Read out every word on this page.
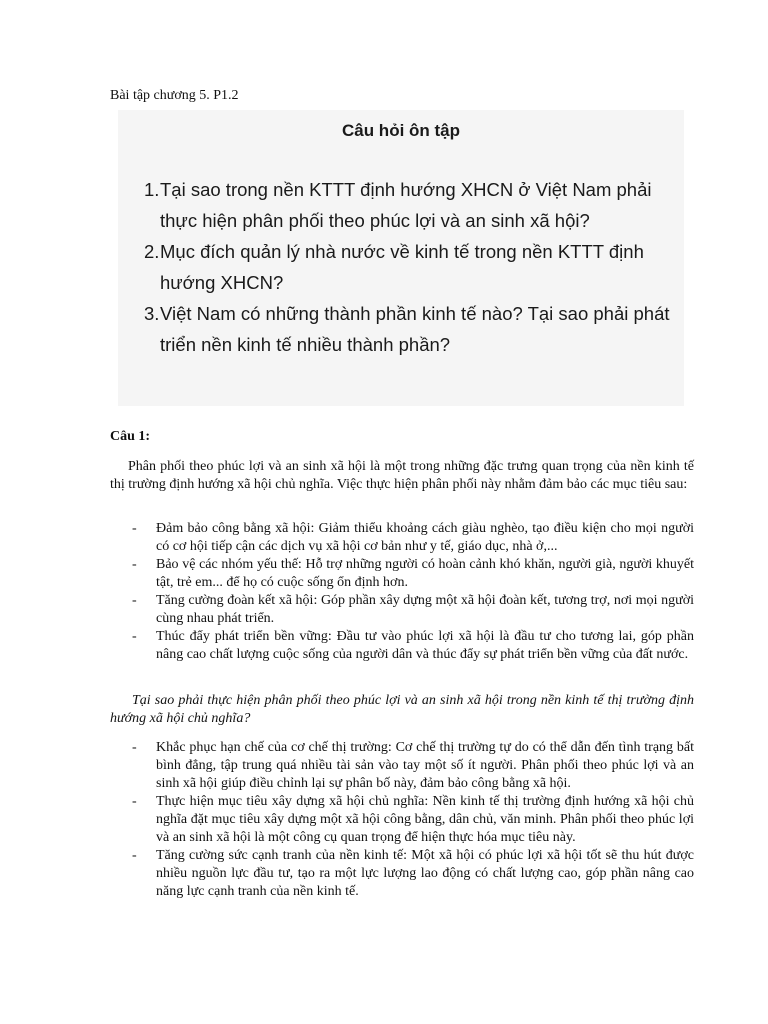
Bài tập chương 5. P1.2
Câu hỏi ôn tập
1. Tại sao trong nền KTTT định hướng XHCN ở Việt Nam phải thực hiện phân phối theo phúc lợi và an sinh xã hội?
2. Mục đích quản lý nhà nước về kinh tế trong nền KTTT định hướng XHCN?
3. Việt Nam có những thành phần kinh tế nào? Tại sao phải phát triển nền kinh tế nhiều thành phần?
Câu 1:
Phân phối theo phúc lợi và an sinh xã hội là một trong những đặc trưng quan trọng của nền kinh tế thị trường định hướng xã hội chủ nghĩa. Việc thực hiện phân phối này nhằm đảm bảo các mục tiêu sau:
- Đảm bảo công bằng xã hội: Giảm thiểu khoảng cách giàu nghèo, tạo điều kiện cho mọi người có cơ hội tiếp cận các dịch vụ xã hội cơ bản như y tế, giáo dục, nhà ở,...
- Bảo vệ các nhóm yếu thế: Hỗ trợ những người có hoàn cảnh khó khăn, người già, người khuyết tật, trẻ em... để họ có cuộc sống ổn định hơn.
- Tăng cường đoàn kết xã hội: Góp phần xây dựng một xã hội đoàn kết, tương trợ, nơi mọi người cùng nhau phát triển.
- Thúc đẩy phát triển bền vững: Đầu tư vào phúc lợi xã hội là đầu tư cho tương lai, góp phần nâng cao chất lượng cuộc sống của người dân và thúc đẩy sự phát triển bền vững của đất nước.
Tại sao phải thực hiện phân phối theo phúc lợi và an sinh xã hội trong nền kinh tế thị trường định hướng xã hội chủ nghĩa?
- Khắc phục hạn chế của cơ chế thị trường: Cơ chế thị trường tự do có thể dẫn đến tình trạng bất bình đẳng, tập trung quá nhiều tài sản vào tay một số ít người. Phân phối theo phúc lợi và an sinh xã hội giúp điều chỉnh lại sự phân bố này, đảm bảo công bằng xã hội.
- Thực hiện mục tiêu xây dựng xã hội chủ nghĩa: Nền kinh tế thị trường định hướng xã hội chủ nghĩa đặt mục tiêu xây dựng một xã hội công bằng, dân chủ, văn minh. Phân phối theo phúc lợi và an sinh xã hội là một công cụ quan trọng để hiện thực hóa mục tiêu này.
- Tăng cường sức cạnh tranh của nền kinh tế: Một xã hội có phúc lợi xã hội tốt sẽ thu hút được nhiều nguồn lực đầu tư, tạo ra một lực lượng lao động có chất lượng cao, góp phần nâng cao năng lực cạnh tranh của nền kinh tế.
